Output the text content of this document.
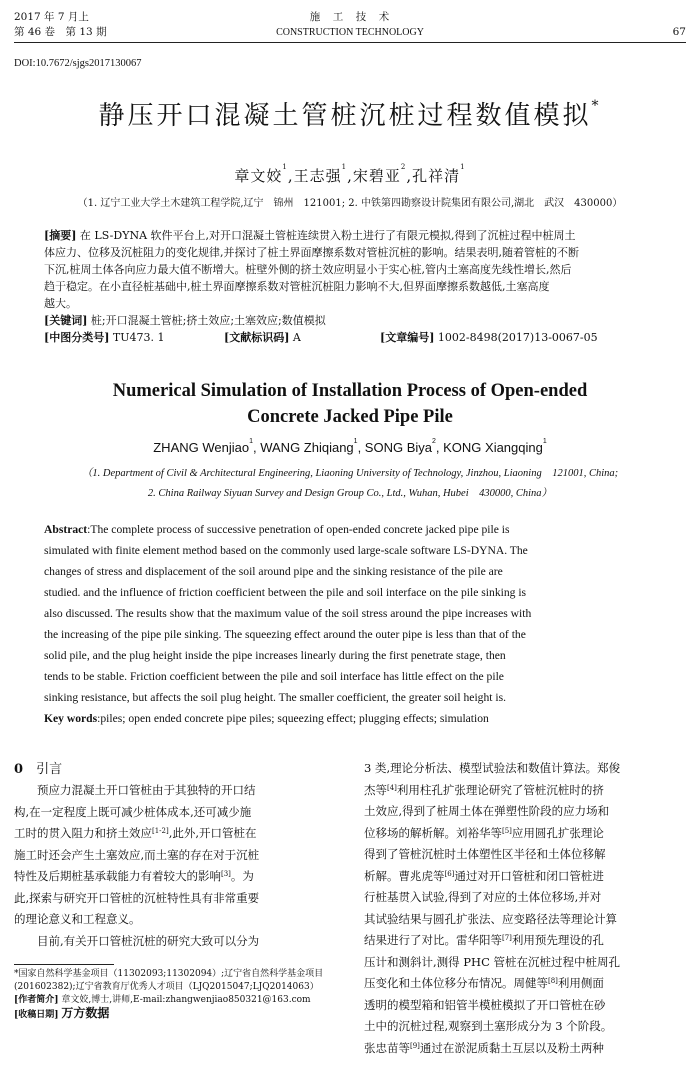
2017 年 7 月上
第 46 卷　第 13 期
施　工　技　术
CONSTRUCTION TECHNOLOGY	67
DOI:10.7672/sjgs2017130067
静压开口混凝土管桩沉桩过程数值模拟*
章文姣$^1$,王志强$^1$,宋碧亚$^2$,孔祥清$^1$
（1. 辽宁工业大学土木建筑工程学院,辽宁　锦州　121001; 2. 中铁第四勘察设计院集团有限公司,湖北　武汉　430000）
[摘要] 在 LS-DYNA 软件平台上,对开口混凝土管桩连续贯入粉土进行了有限元模拟,得到了沉桩过程中桩周土
体应力、位移及沉桩阻力的变化规律,并探讨了桩土界面摩擦系数对管桩沉桩的影响。结果表明,随着管桩的不断
下沉,桩周土体各向应力最大值不断增大。桩壁外侧的挤土效应明显小于实心桩,管内土塞高度先线性增长,然后
趋于稳定。在小直径桩基础中,桩土界面摩擦系数对管桩沉桩阻力影响不大,但界面摩擦系数越低,土塞高度
越大。
[关键词] 桩;开口混凝土管桩;挤土效应;土塞效应;数值模拟
[中图分类号] TU473. 1	[文献标识码] A	[文章编号] 1002-8498(2017)13-0067-05
Numerical Simulation of Installation Process of Open-ended
Concrete Jacked Pipe Pile
ZHANG Wenjiao$^1$, WANG Zhiqiang$^1$, SONG Biya$^2$, KONG Xiangqing$^1$
（1. Department of Civil & Architectural Engineering, Liaoning University of Technology, Jinzhou, Liaoning　121001, China;
2. China Railway Siyuan Survey and Design Group Co., Ltd., Wuhan, Hubei　430000, China）
Abstract:The complete process of successive penetration of open-ended concrete jacked pipe pile is
simulated with finite element method based on the commonly used large-scale software LS-DYNA. The
changes of stress and displacement of the soil around pipe and the sinking resistance of the pile are
studied. and the influence of friction coefficient between the pile and soil interface on the pile sinking is
also discussed. The results show that the maximum value of the soil stress around the pipe increases with
the increasing of the pipe pile sinking. The squeezing effect around the outer pipe is less than that of the
solid pile, and the plug height inside the pipe increases linearly during the first penetrate stage, then
tends to be stable. Friction coefficient between the pile and soil interface has little effect on the pile
sinking resistance, but affects the soil plug height. The smaller coefficient, the greater soil height is.
Key words:piles; open ended concrete pipe piles; squeezing effect; plugging effects; simulation
0　 引言
预应力混凝土开口管桩由于其独特的开口结
构,在一定程度上既可减少桩体成本,还可减少施
工时的贯入阻力和挤土效应[1-2],此外,开口管桩在
施工时还会产生土塞效应,而土塞的存在对于沉桩
特性及后期桩基承载能力有着较大的影响[3]。为
此,探索与研究开口管桩的沉桩特性具有非常重要
的理论意义和工程意义。
目前,有关开口管桩沉桩的研究大致可以分为
*国家自然科学基金项目（11302093;11302094）;辽宁省自然科学基金项目(201602382);辽宁省教育厅优秀人才项目（LJQ2015047;LJQ2014063）
[作者简介] 章文姣,博士,讲师,E-mail:zhangwenjiao850321@163.com
[收稿日期] 万方数据
3 类,理论分析法、模型试验法和数值计算法。郑俊
杰等[4]利用柱孔扩张理论研究了管桩沉桩时的挤
土效应,得到了桩周土体在弹塑性阶段的应力场和
位移场的解析解。刘裕华等[5]应用圆孔扩张理论
得到了管桩沉桩时土体塑性区半径和土体位移解
析解。曹兆虎等[6]通过对开口管桩和闭口管桩进
行桩基贯入试验,得到了对应的土体位移场,并对
其试验结果与圆孔扩张法、应变路径法等理论计算
结果进行了对比。雷华阳等[7]利用预先理设的孔
压计和测斜计,测得 PHC 管桩在沉桩过程中桩周孔
压变化和土体位移分布情况。周健等[8]利用侧面
透明的模型箱和铝管半模桩模拟了开口管桩在砂
土中的沉桩过程,观察到土塞形成分为 3 个阶段。
张忠苗等[9]通过在淤泥质黏土互层以及粉土两种
